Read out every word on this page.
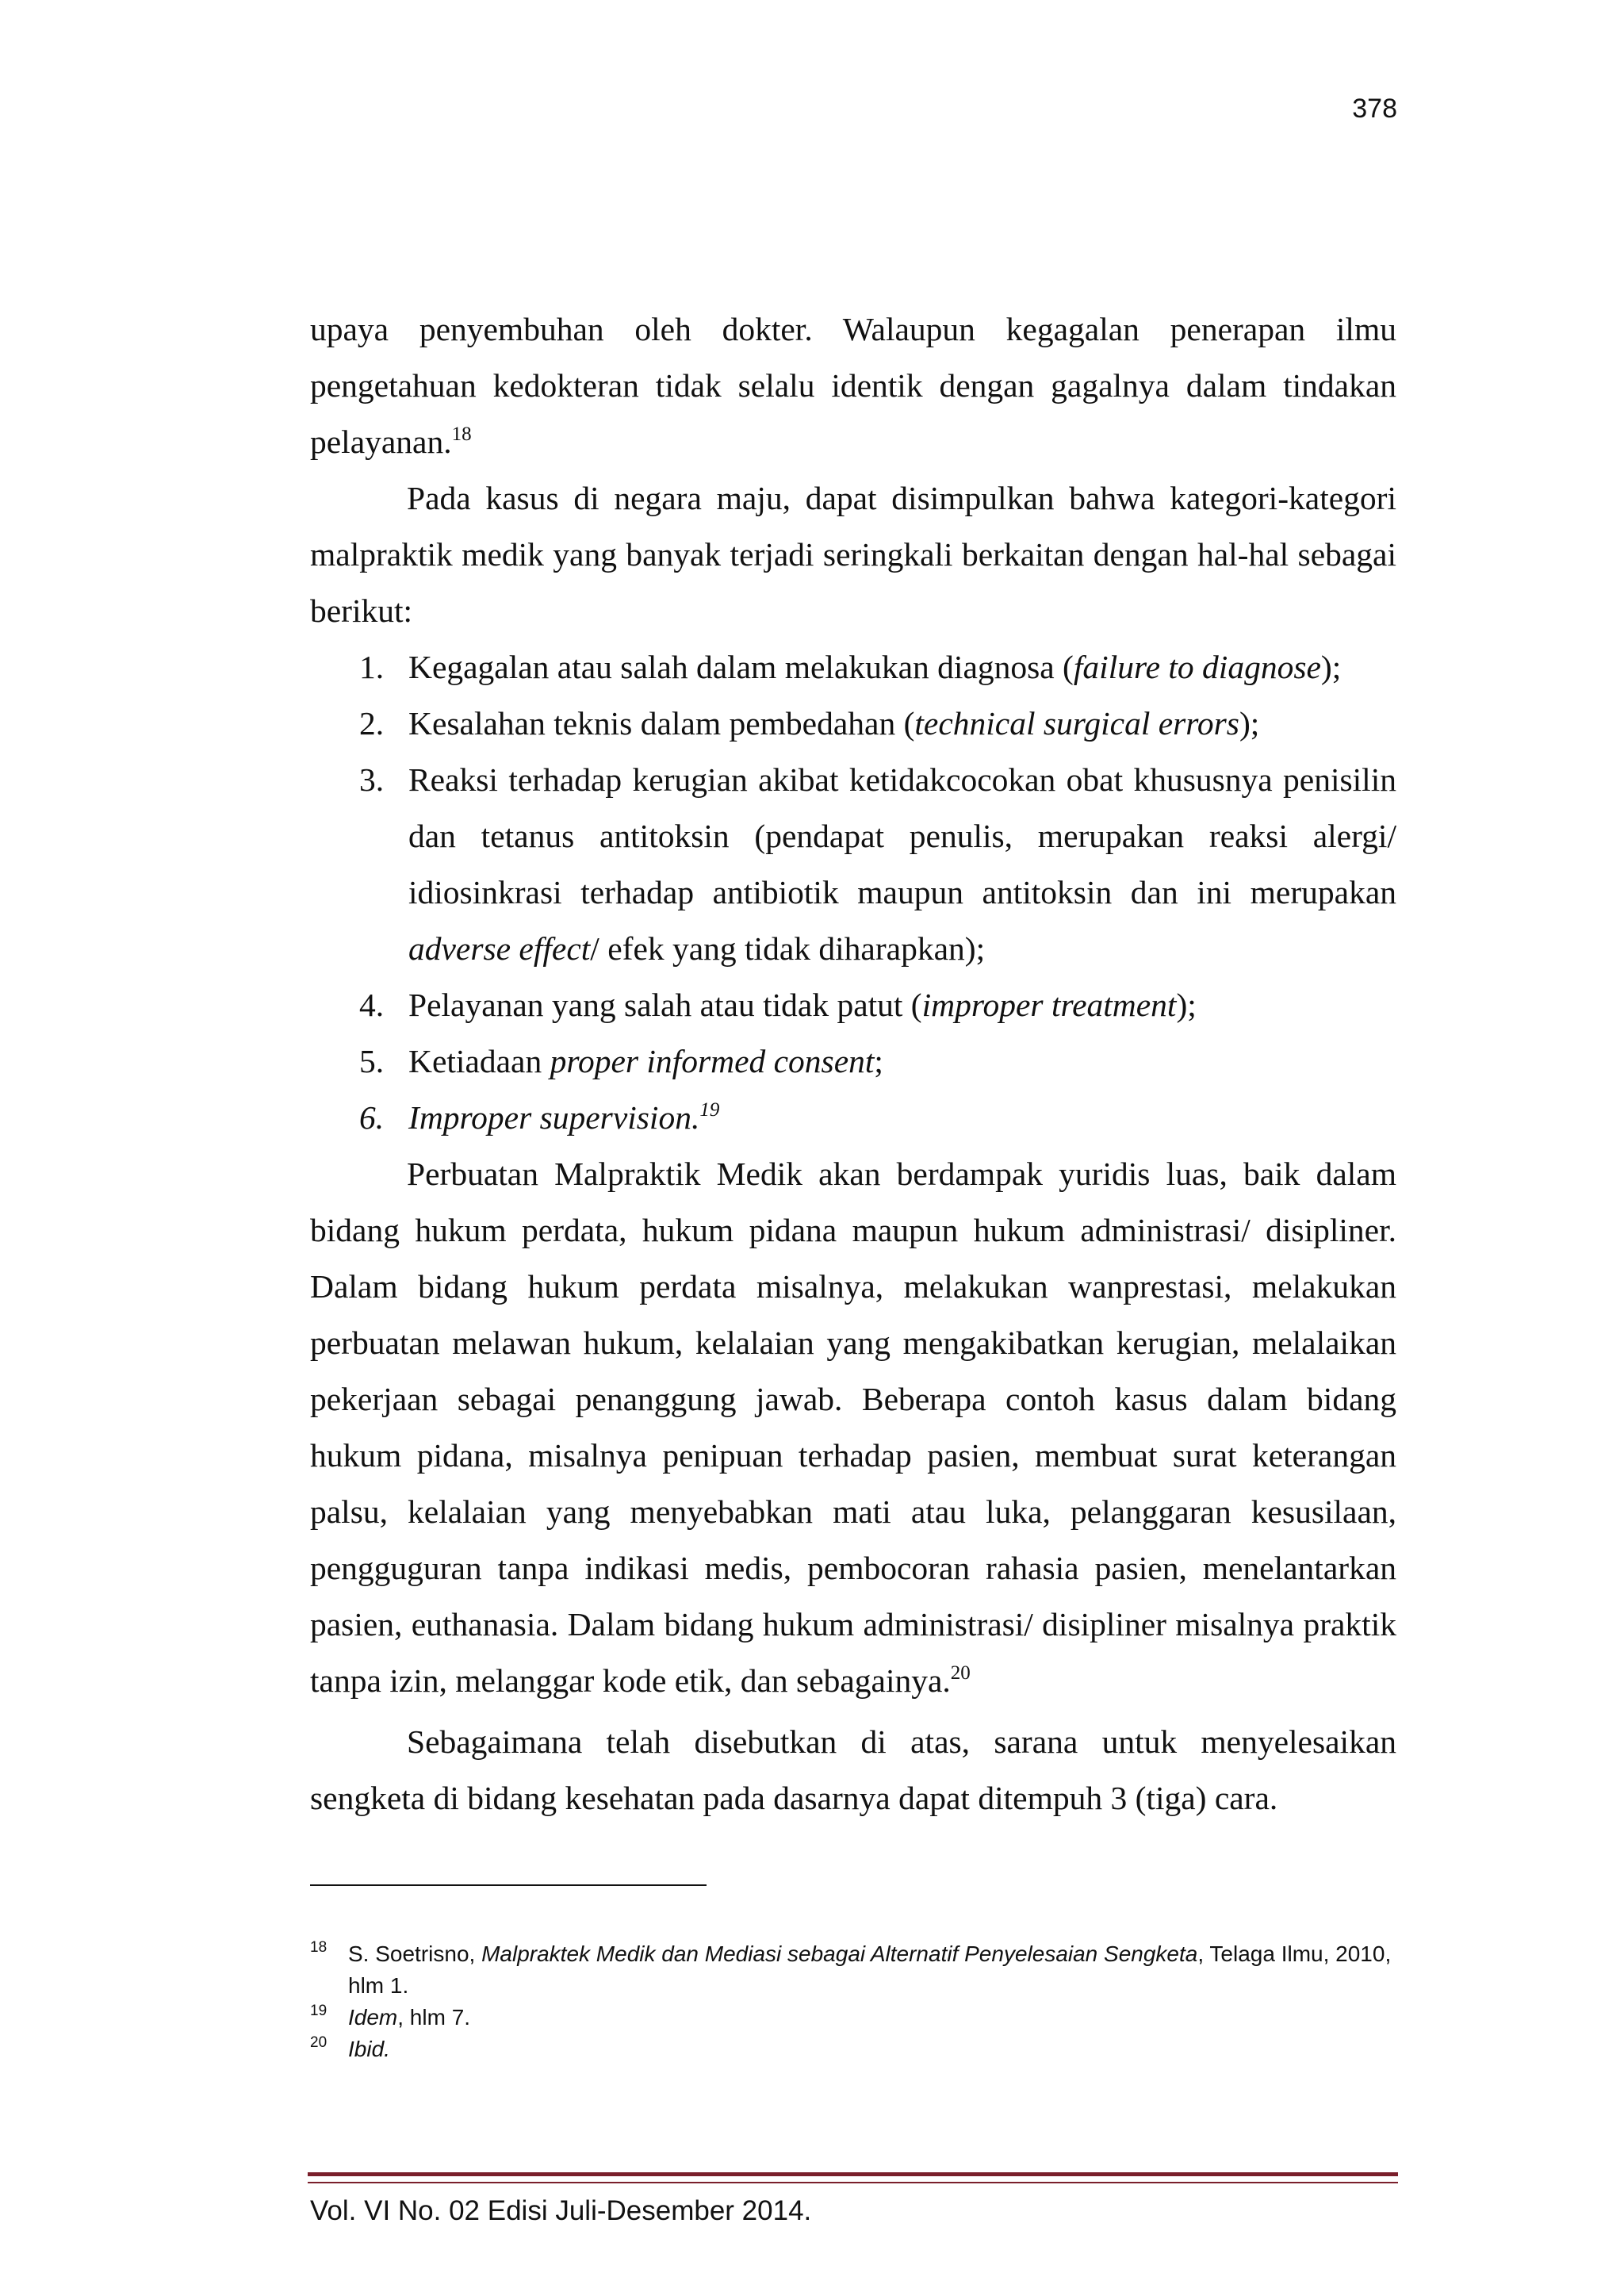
378

upaya penyembuhan oleh dokter. Walaupun kegagalan penerapan ilmu pengetahuan kedokteran tidak selalu identik dengan gagalnya dalam tindakan pelayanan.$^{18}$

Pada kasus di negara maju, dapat disimpulkan bahwa kategori-kategori malpraktik medik yang banyak terjadi seringkali berkaitan dengan hal-hal sebagai berikut:

1. Kegagalan atau salah dalam melakukan diagnosa (failure to diagnose);
2. Kesalahan teknis dalam pembedahan (technical surgical errors);
3. Reaksi terhadap kerugian akibat ketidakcocokan obat khususnya penisilin dan tetanus antitoksin (pendapat penulis, merupakan reaksi alergi/ idiosinkrasi terhadap antibiotik maupun antitoksin dan ini merupakan adverse effect/ efek yang tidak diharapkan);
4. Pelayanan yang salah atau tidak patut (improper treatment);
5. Ketiadaan proper informed consent;
6. Improper supervision.$^{19}$

Perbuatan Malpraktik Medik akan berdampak yuridis luas, baik dalam bidang hukum perdata, hukum pidana maupun hukum administrasi/ disipliner. Dalam bidang hukum perdata misalnya, melakukan wanprestasi, melakukan perbuatan melawan hukum, kelalaian yang mengakibatkan kerugian, melalaikan pekerjaan sebagai penanggung jawab. Beberapa contoh kasus dalam bidang hukum pidana, misalnya penipuan terhadap pasien, membuat surat keterangan palsu, kelalaian yang menyebabkan mati atau luka, pelanggaran kesusilaan, pengguguran tanpa indikasi medis, pembocoran rahasia pasien, menelantarkan pasien, euthanasia. Dalam bidang hukum administrasi/ disipliner misalnya praktik tanpa izin, melanggar kode etik, dan sebagainya.$^{20}$

Sebagaimana telah disebutkan di atas, sarana untuk menyelesaikan sengketa di bidang kesehatan pada dasarnya dapat ditempuh 3 (tiga) cara.

18 S. Soetrisno, Malpraktek Medik dan Mediasi sebagai Alternatif Penyelesaian Sengketa, Telaga Ilmu, 2010, hlm 1.
19 Idem, hlm 7.
20 Ibid.
Vol. VI No. 02 Edisi Juli-Desember 2014.
